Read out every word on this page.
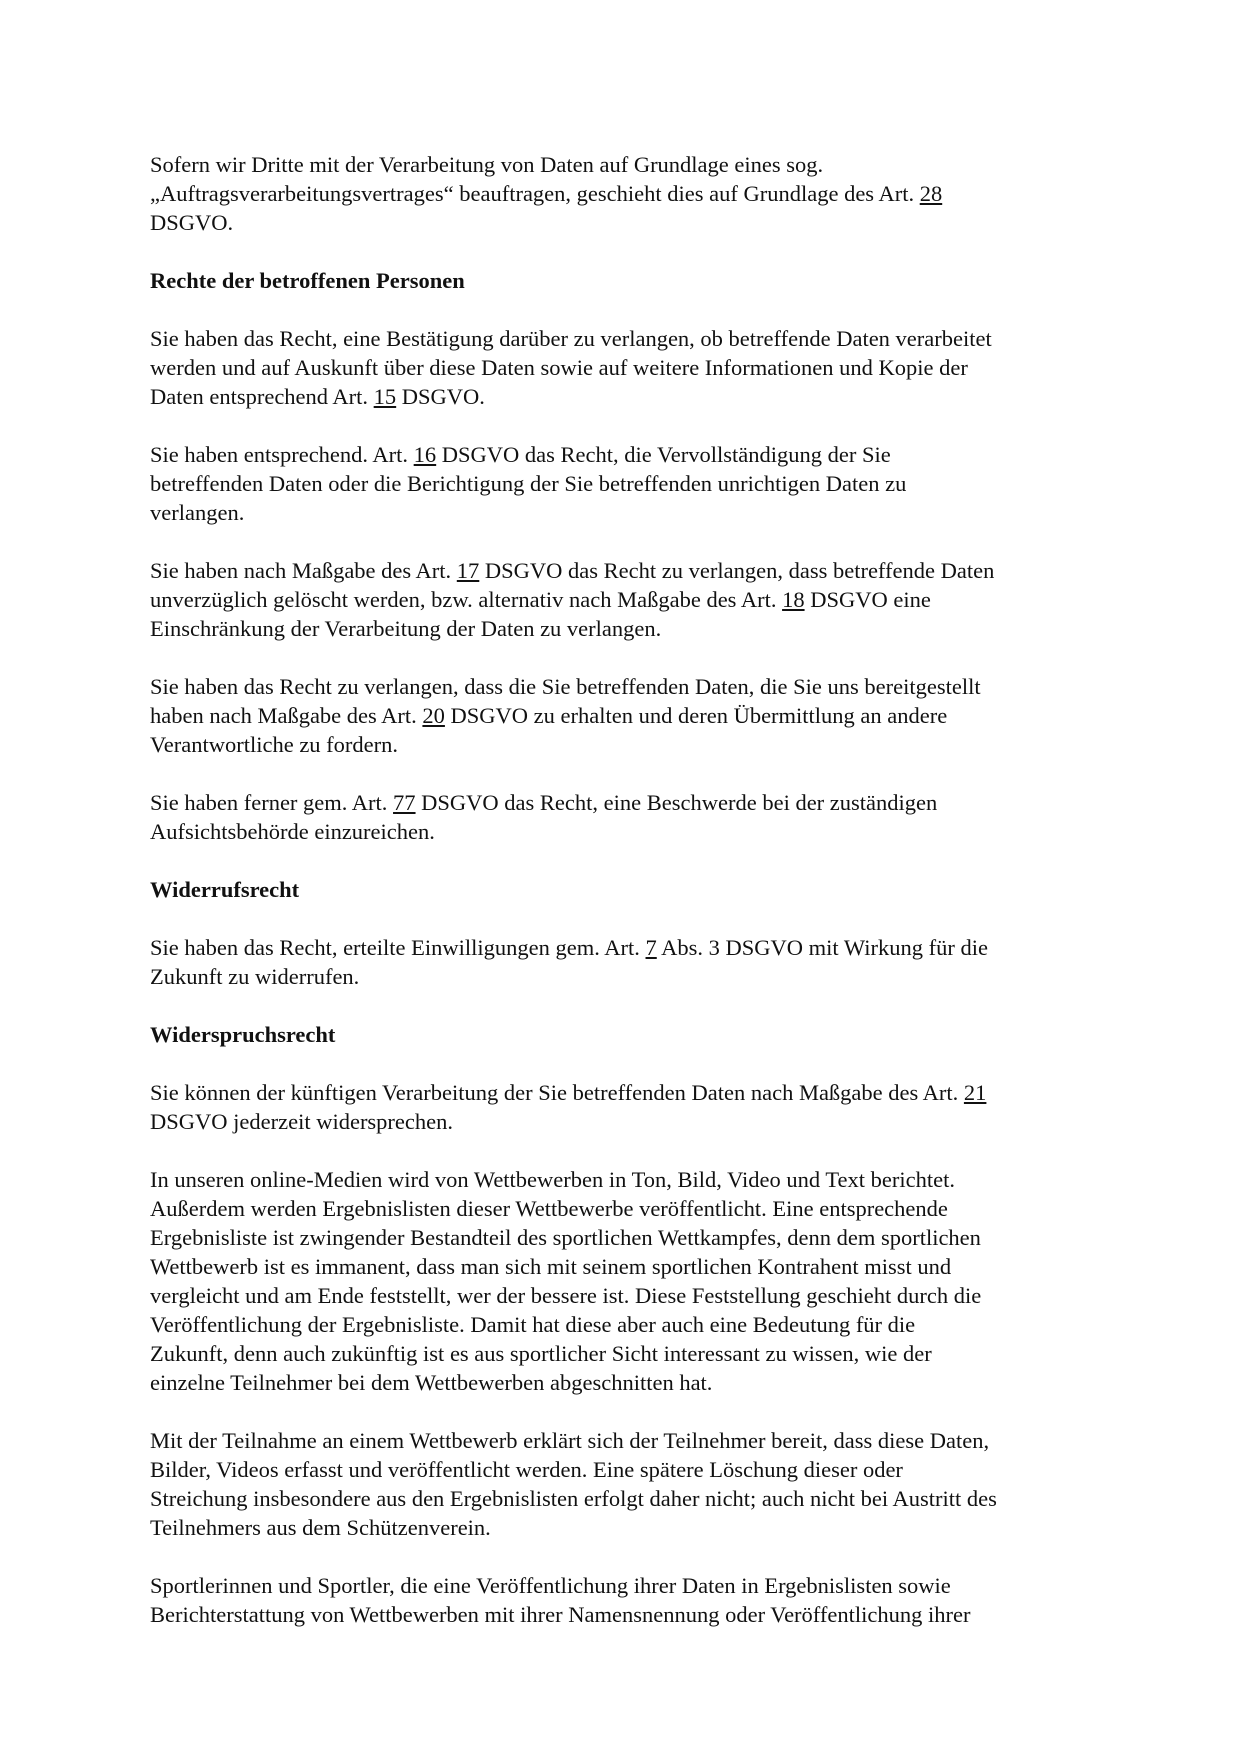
Sofern wir Dritte mit der Verarbeitung von Daten auf Grundlage eines sog.
„Auftragsverarbeitungsvertrages“ beauftragen, geschieht dies auf Grundlage des Art. 28
DSGVO.

Rechte der betroffenen Personen

Sie haben das Recht, eine Bestätigung darüber zu verlangen, ob betreffende Daten verarbeitet
werden und auf Auskunft über diese Daten sowie auf weitere Informationen und Kopie der
Daten entsprechend Art. 15 DSGVO.

Sie haben entsprechend. Art. 16 DSGVO das Recht, die Vervollständigung der Sie
betreffenden Daten oder die Berichtigung der Sie betreffenden unrichtigen Daten zu
verlangen.

Sie haben nach Maßgabe des Art. 17 DSGVO das Recht zu verlangen, dass betreffende Daten
unverzüglich gelöscht werden, bzw. alternativ nach Maßgabe des Art. 18 DSGVO eine
Einschränkung der Verarbeitung der Daten zu verlangen.

Sie haben das Recht zu verlangen, dass die Sie betreffenden Daten, die Sie uns bereitgestellt
haben nach Maßgabe des Art. 20 DSGVO zu erhalten und deren Übermittlung an andere
Verantwortliche zu fordern.

Sie haben ferner gem. Art. 77 DSGVO das Recht, eine Beschwerde bei der zuständigen
Aufsichtsbehörde einzureichen.

Widerrufsrecht

Sie haben das Recht, erteilte Einwilligungen gem. Art. 7 Abs. 3 DSGVO mit Wirkung für die
Zukunft zu widerrufen.

Widerspruchsrecht

Sie können der künftigen Verarbeitung der Sie betreffenden Daten nach Maßgabe des Art. 21
DSGVO jederzeit widersprechen.

In unseren online-Medien wird von Wettbewerben in Ton, Bild, Video und Text berichtet.
Außerdem werden Ergebnislisten dieser Wettbewerbe veröffentlicht. Eine entsprechende
Ergebnisliste ist zwingender Bestandteil des sportlichen Wettkampfes, denn dem sportlichen
Wettbewerb ist es immanent, dass man sich mit seinem sportlichen Kontrahent misst und
vergleicht und am Ende feststellt, wer der bessere ist. Diese Feststellung geschieht durch die
Veröffentlichung der Ergebnisliste. Damit hat diese aber auch eine Bedeutung für die
Zukunft, denn auch zukünftig ist es aus sportlicher Sicht interessant zu wissen, wie der
einzelne Teilnehmer bei dem Wettbewerben abgeschnitten hat.

Mit der Teilnahme an einem Wettbewerb erklärt sich der Teilnehmer bereit, dass diese Daten,
Bilder, Videos erfasst und veröffentlicht werden. Eine spätere Löschung dieser oder
Streichung insbesondere aus den Ergebnislisten erfolgt daher nicht; auch nicht bei Austritt des
Teilnehmers aus dem Schützenverein.

Sportlerinnen und Sportler, die eine Veröffentlichung ihrer Daten in Ergebnislisten sowie
Berichterstattung von Wettbewerben mit ihrer Namensnennung oder Veröffentlichung ihrer
